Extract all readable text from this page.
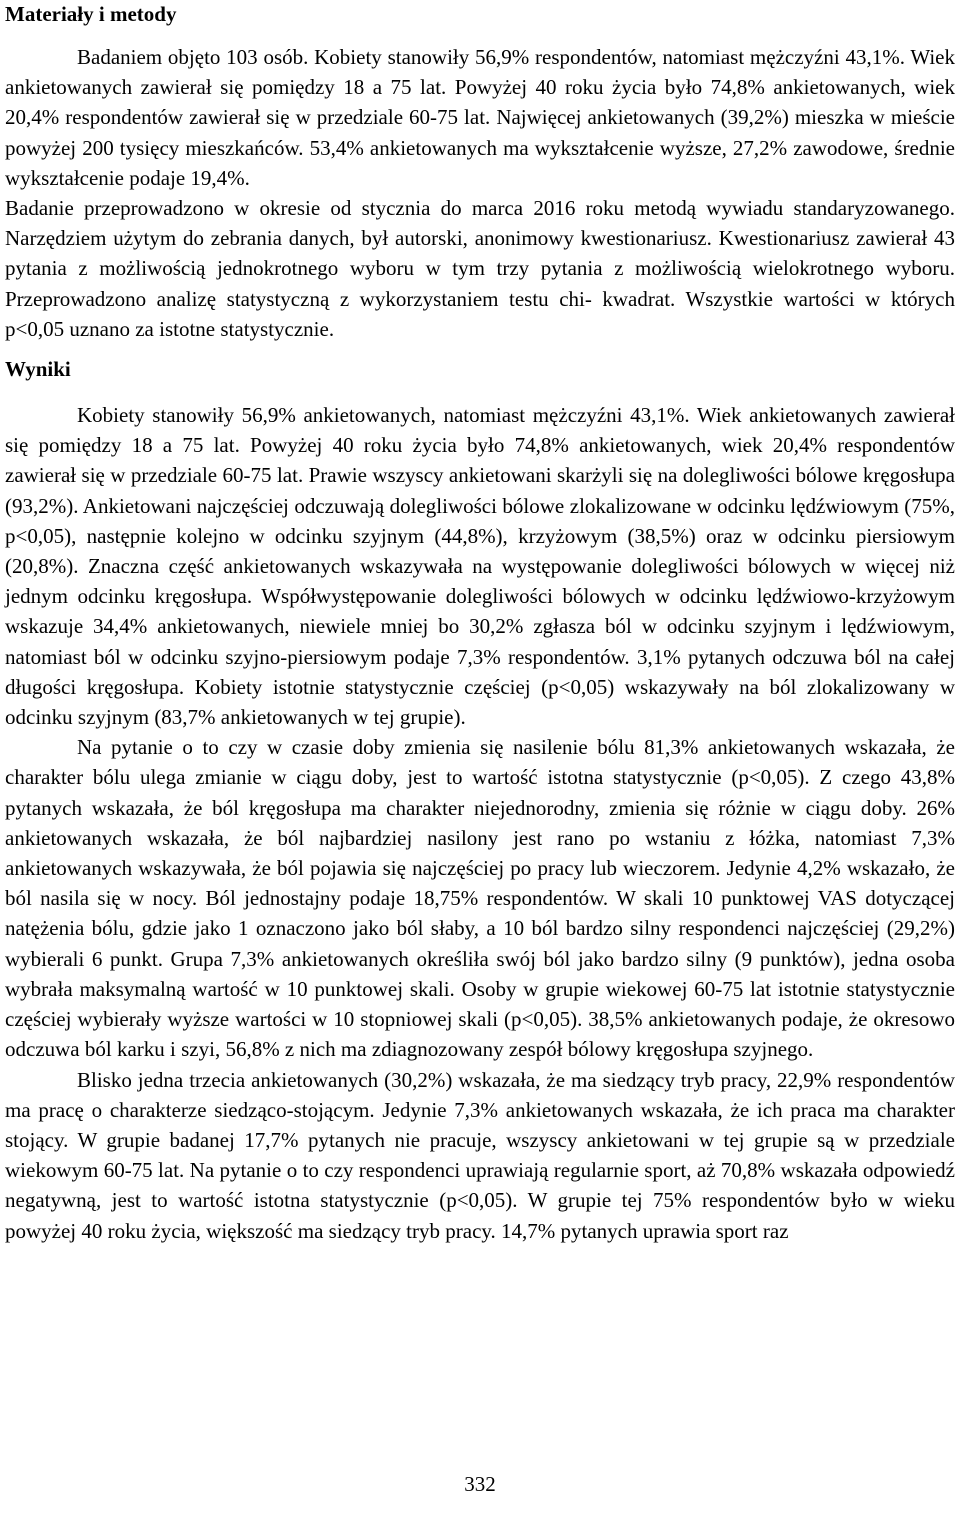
Materiały i metody

Badaniem objęto 103 osób. Kobiety stanowiły 56,9% respondentów, natomiast mężczyźni 43,1%. Wiek ankietowanych zawierał się pomiędzy 18 a 75 lat. Powyżej 40 roku życia było 74,8% ankietowanych, wiek 20,4% respondentów zawierał się w przedziale 60-75 lat. Najwięcej ankietowanych (39,2%) mieszka w mieście powyżej 200 tysięcy mieszkańców. 53,4% ankietowanych ma wykształcenie wyższe, 27,2% zawodowe, średnie wykształcenie podaje 19,4%.

Badanie przeprowadzono w okresie od stycznia do marca 2016 roku metodą wywiadu standaryzowanego. Narzędziem użytym do zebrania danych, był autorski, anonimowy kwestionariusz. Kwestionariusz zawierał 43 pytania z możliwością jednokrotnego wyboru w tym trzy pytania z możliwością wielokrotnego wyboru. Przeprowadzono analizę statystyczną z wykorzystaniem testu chi- kwadrat. Wszystkie wartości w których p<0,05 uznano za istotne statystycznie.

Wyniki

Kobiety stanowiły 56,9% ankietowanych, natomiast mężczyźni 43,1%. Wiek ankietowanych zawierał się pomiędzy 18 a 75 lat. Powyżej 40 roku życia było 74,8% ankietowanych, wiek 20,4% respondentów zawierał się w przedziale 60-75 lat. Prawie wszyscy ankietowani skarżyli się na dolegliwości bólowe kręgosłupa (93,2%). Ankietowani najczęściej odczuwają dolegliwości bólowe zlokalizowane w odcinku lędźwiowym (75%, p<0,05), następnie kolejno w odcinku szyjnym (44,8%), krzyżowym (38,5%) oraz w odcinku piersiowym (20,8%). Znaczna część ankietowanych wskazywała na występowanie dolegliwości bólowych w więcej niż jednym odcinku kręgosłupa. Współwystępowanie dolegliwości bólowych w odcinku lędźwiowo-krzyżowym wskazuje 34,4% ankietowanych, niewiele mniej bo 30,2% zgłasza ból w odcinku szyjnym i lędźwiowym, natomiast ból w odcinku szyjno-piersiowym podaje 7,3% respondentów. 3,1% pytanych odczuwa ból na całej długości kręgosłupa. Kobiety istotnie statystycznie częściej (p<0,05) wskazywały na ból zlokalizowany w odcinku szyjnym (83,7% ankietowanych w tej grupie).

Na pytanie o to czy w czasie doby zmienia się nasilenie bólu 81,3% ankietowanych wskazała, że charakter bólu ulega zmianie w ciągu doby, jest to wartość istotna statystycznie (p<0,05). Z czego 43,8% pytanych wskazała, że ból kręgosłupa ma charakter niejednorodny, zmienia się różnie w ciągu doby. 26% ankietowanych wskazała, że ból najbardziej nasilony jest rano po wstaniu z łóżka, natomiast 7,3% ankietowanych wskazywała, że ból pojawia się najczęściej po pracy lub wieczorem. Jedynie 4,2% wskazało, że ból nasila się w nocy. Ból jednostajny podaje 18,75% respondentów. W skali 10 punktowej VAS dotyczącej natężenia bólu, gdzie jako 1 oznaczono jako ból słaby, a 10 ból bardzo silny respondenci najczęściej (29,2%) wybierali 6 punkt. Grupa 7,3% ankietowanych określiła swój ból jako bardzo silny (9 punktów), jedna osoba wybrała maksymalną wartość w 10 punktowej skali. Osoby w grupie wiekowej 60-75 lat istotnie statystycznie częściej wybierały wyższe wartości w 10 stopniowej skali (p<0,05). 38,5% ankietowanych podaje, że okresowo odczuwa ból karku i szyi, 56,8% z nich ma zdiagnozowany zespół bólowy kręgosłupa szyjnego.

Blisko jedna trzecia ankietowanych (30,2%) wskazała, że ma siedzący tryb pracy, 22,9% respondentów ma pracę o charakterze siedząco-stojącym. Jedynie 7,3% ankietowanych wskazała, że ich praca ma charakter stojący. W grupie badanej 17,7% pytanych nie pracuje, wszyscy ankietowani w tej grupie są w przedziale wiekowym 60-75 lat. Na pytanie o to czy respondenci uprawiają regularnie sport, aż 70,8% wskazała odpowiedź negatywną, jest to wartość istotna statystycznie (p<0,05). W grupie tej 75% respondentów było w wieku powyżej 40 roku życia, większość ma siedzący tryb pracy. 14,7% pytanych uprawia sport raz

332
